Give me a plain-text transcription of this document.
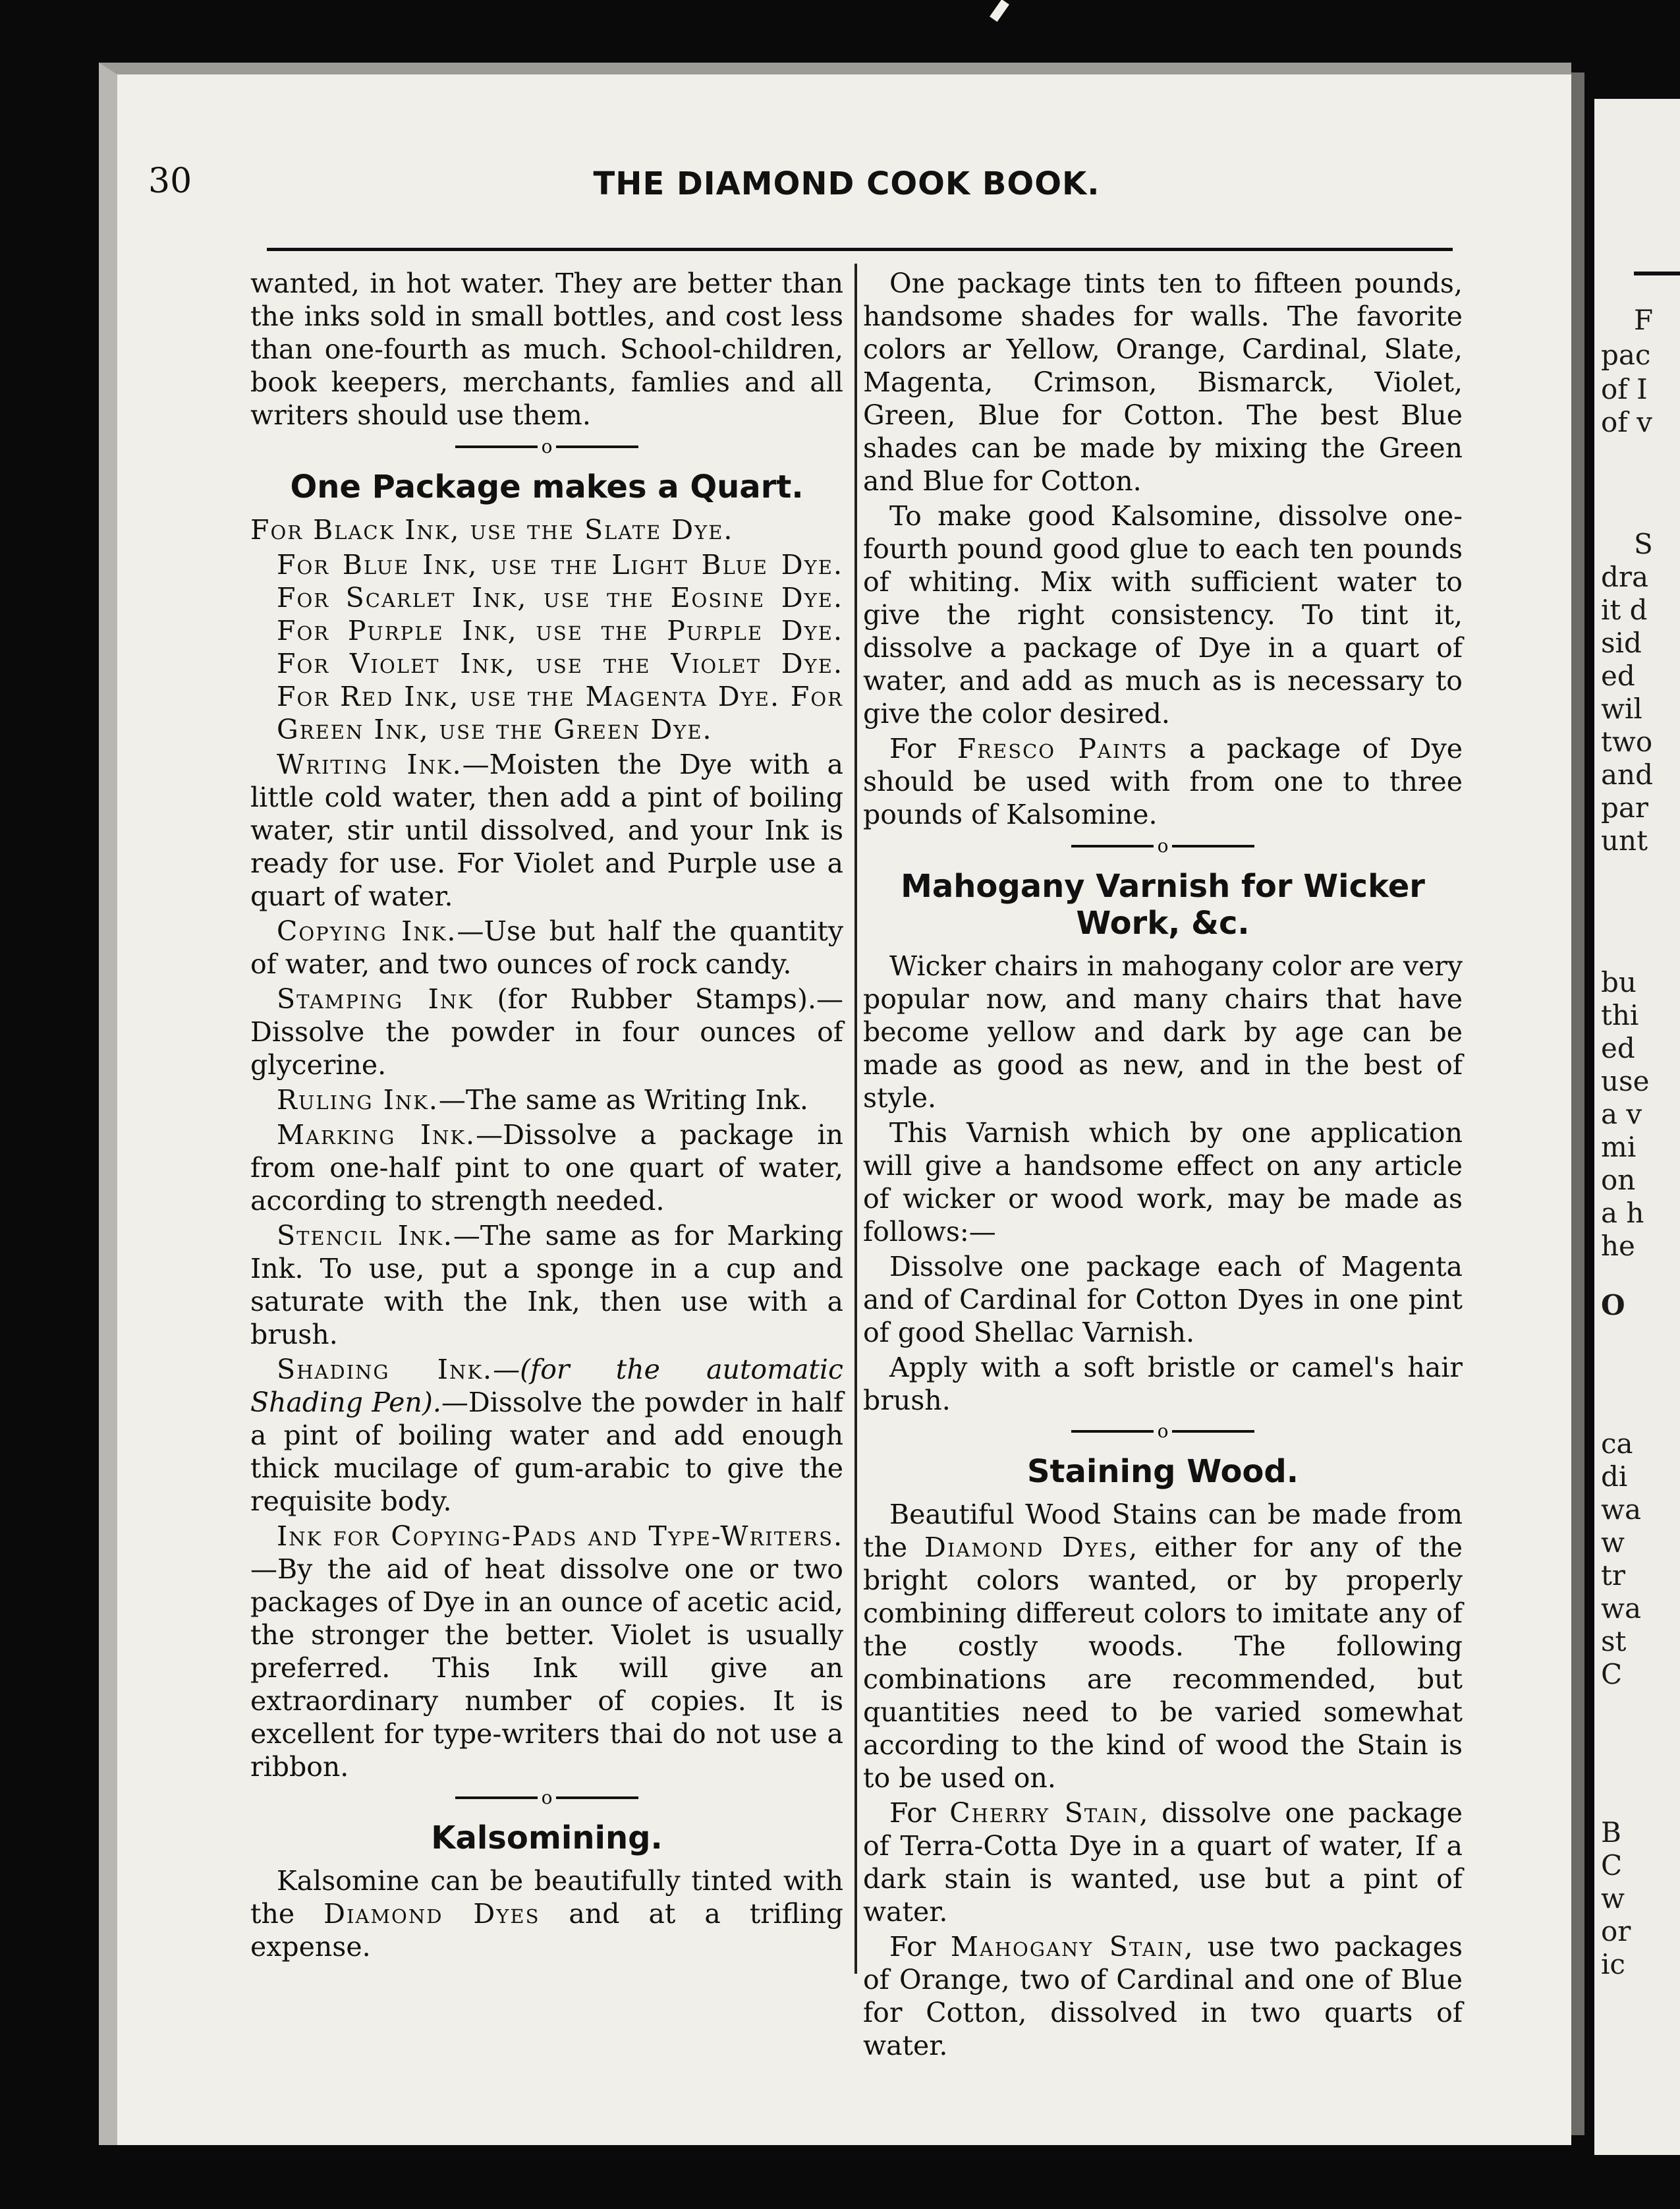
F
pac
of I
of v
S
dra
it d
sid
ed
wil
two
and
par
unt
bu
thi
ed
use
a v
mi
on
a h
he
O
ca
di
wa
w
tr
wa
st
C
B
C
w
or
ic
30	THE DIAMOND COOK BOOK.

wanted, in hot water. They are better than the inks sold in small bottles, and cost less than one-fourth as much. School-children, book keepers, merchants, famlies and all writers should use them.

o
One Package makes a Quart.

For Black Ink, use the Slate Dye.

For Blue Ink, use the Light Blue Dye. For Scarlet Ink, use the Eosine Dye. For Purple Ink, use the Purple Dye. For Violet Ink, use the Violet Dye. For Red Ink, use the Magenta Dye. For Green Ink, use the Green Dye.

Writing Ink.—Moisten the Dye with a little cold water, then add a pint of boiling water, stir until dissolved, and your Ink is ready for use. For Violet and Purple use a quart of water.

Copying Ink.—Use but half the quantity of water, and two ounces of rock candy.

Stamping Ink (for Rubber Stamps).—Dissolve the powder in four ounces of glycerine.

Ruling Ink.—The same as Writing Ink.

Marking Ink.—Dissolve a package in from one-half pint to one quart of water, according to strength needed.

Stencil Ink.—The same as for Marking Ink. To use, put a sponge in a cup and saturate with the Ink, then use with a brush.

Shading Ink.—(for the automatic Shading Pen).—Dissolve the powder in half a pint of boiling water and add enough thick mucilage of gum-arabic to give the requisite body.

Ink for Copying-Pads and Type-Writers.—By the aid of heat dissolve one or two packages of Dye in an ounce of acetic acid, the stronger the better. Violet is usually preferred. This Ink will give an extraordinary number of copies. It is excellent for type-writers thai do not use a ribbon.

o
Kalsomining.

Kalsomine can be beautifully tinted with the Diamond Dyes and at a trifling expense.

One package tints ten to fifteen pounds, handsome shades for walls. The favorite colors ar Yellow, Orange, Cardinal, Slate, Magenta, Crimson, Bismarck, Violet, Green, Blue for Cotton. The best Blue shades can be made by mixing the Green and Blue for Cotton.

To make good Kalsomine, dissolve one-fourth pound good glue to each ten pounds of whiting. Mix with sufficient water to give the right consistency. To tint it, dissolve a package of Dye in a quart of water, and add as much as is necessary to give the color desired.

For Fresco Paints a package of Dye should be used with from one to three pounds of Kalsomine.

o
Mahogany Varnish for Wicker Work, &c.

Wicker chairs in mahogany color are very popular now, and many chairs that have become yellow and dark by age can be made as good as new, and in the best of style.

This Varnish which by one application will give a handsome effect on any article of wicker or wood work, may be made as follows:—

Dissolve one package each of Magenta and of Cardinal for Cotton Dyes in one pint of good Shellac Varnish.

Apply with a soft bristle or camel's hair brush.

o
Staining Wood.

Beautiful Wood Stains can be made from the Diamond Dyes, either for any of the bright colors wanted, or by properly combining differeut colors to imitate any of the costly woods. The following combinations are recommended, but quantities need to be varied somewhat according to the kind of wood the Stain is to be used on.

For Cherry Stain, dissolve one package of Terra-Cotta Dye in a quart of water, If a dark stain is wanted, use but a pint of water.

For Mahogany Stain, use two packages of Orange, two of Cardinal and one of Blue for Cotton, dissolved in two quarts of water.
